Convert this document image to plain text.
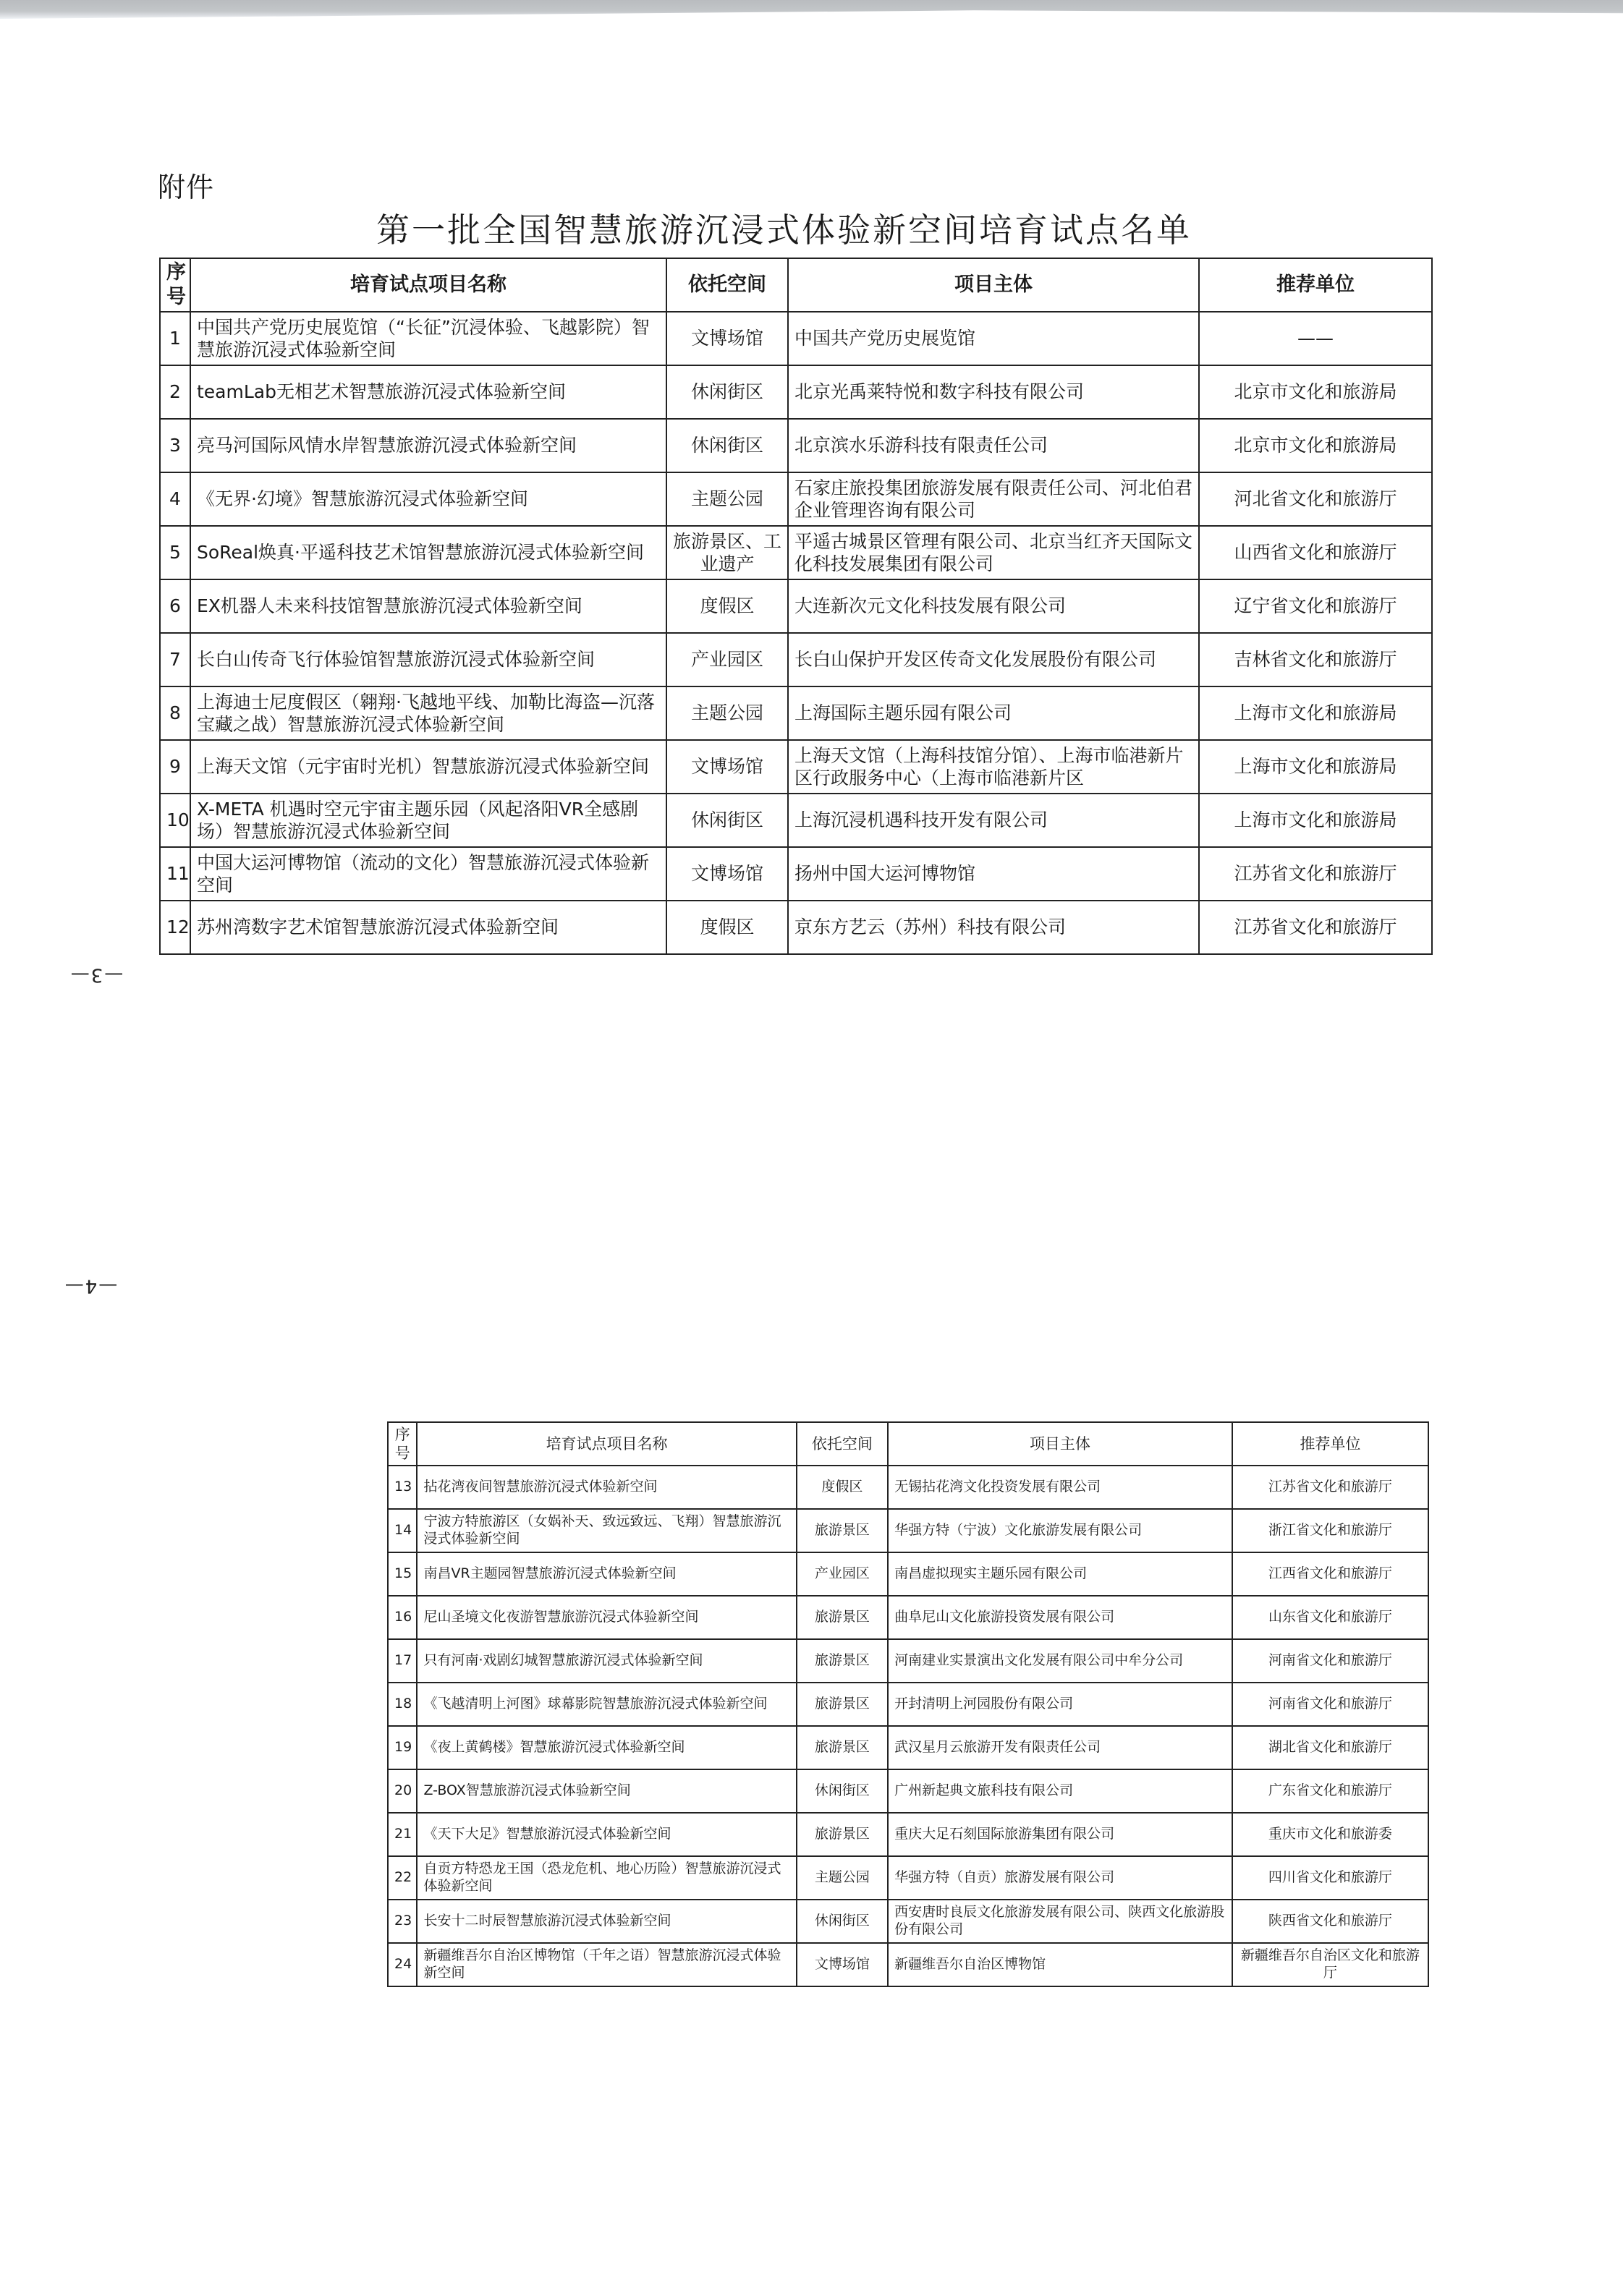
附件
第一批全国智慧旅游沉浸式体验新空间培育试点名单
序号	培育试点项目名称	依托空间	项目主体	推荐单位
1	中国共产党历史展览馆（“长征”沉浸体验、飞越影院）智慧旅游沉浸式体验新空间	文博场馆	中国共产党历史展览馆	——
2	teamLab无相艺术智慧旅游沉浸式体验新空间	休闲街区	北京光禹莱特悦和数字科技有限公司	北京市文化和旅游局
3	亮马河国际风情水岸智慧旅游沉浸式体验新空间	休闲街区	北京滨水乐游科技有限责任公司	北京市文化和旅游局
4	《无界·幻境》智慧旅游沉浸式体验新空间	主题公园	石家庄旅投集团旅游发展有限责任公司、河北伯君企业管理咨询有限公司	河北省文化和旅游厅
5	SoReal焕真·平遥科技艺术馆智慧旅游沉浸式体验新空间	旅游景区、工业遗产	平遥古城景区管理有限公司、北京当红齐天国际文化科技发展集团有限公司	山西省文化和旅游厅
6	EX机器人未来科技馆智慧旅游沉浸式体验新空间	度假区	大连新次元文化科技发展有限公司	辽宁省文化和旅游厅
7	长白山传奇飞行体验馆智慧旅游沉浸式体验新空间	产业园区	长白山保护开发区传奇文化发展股份有限公司	吉林省文化和旅游厅
8	上海迪士尼度假区（翱翔·飞越地平线、加勒比海盗—沉落宝藏之战）智慧旅游沉浸式体验新空间	主题公园	上海国际主题乐园有限公司	上海市文化和旅游局
9	上海天文馆（元宇宙时光机）智慧旅游沉浸式体验新空间	文博场馆	上海天文馆（上海科技馆分馆）、上海市临港新片区行政服务中心（上海市临港新片区	上海市文化和旅游局
10	X-META 机遇时空元宇宙主题乐园（风起洛阳VR全感剧场）智慧旅游沉浸式体验新空间	休闲街区	上海沉浸机遇科技开发有限公司	上海市文化和旅游局
11	中国大运河博物馆（流动的文化）智慧旅游沉浸式体验新空间	文博场馆	扬州中国大运河博物馆	江苏省文化和旅游厅
12	苏州湾数字艺术馆智慧旅游沉浸式体验新空间	度假区	京东方艺云（苏州）科技有限公司	江苏省文化和旅游厅
—3—
—4—
序号	培育试点项目名称	依托空间	项目主体	推荐单位
13	拈花湾夜间智慧旅游沉浸式体验新空间	度假区	无锡拈花湾文化投资发展有限公司	江苏省文化和旅游厅
14	宁波方特旅游区（女娲补天、致远致远、飞翔）智慧旅游沉浸式体验新空间	旅游景区	华强方特（宁波）文化旅游发展有限公司	浙江省文化和旅游厅
15	南昌VR主题园智慧旅游沉浸式体验新空间	产业园区	南昌虚拟现实主题乐园有限公司	江西省文化和旅游厅
16	尼山圣境文化夜游智慧旅游沉浸式体验新空间	旅游景区	曲阜尼山文化旅游投资发展有限公司	山东省文化和旅游厅
17	只有河南·戏剧幻城智慧旅游沉浸式体验新空间	旅游景区	河南建业实景演出文化发展有限公司中牟分公司	河南省文化和旅游厅
18	《飞越清明上河图》球幕影院智慧旅游沉浸式体验新空间	旅游景区	开封清明上河园股份有限公司	河南省文化和旅游厅
19	《夜上黄鹤楼》智慧旅游沉浸式体验新空间	旅游景区	武汉星月云旅游开发有限责任公司	湖北省文化和旅游厅
20	Z-BOX智慧旅游沉浸式体验新空间	休闲街区	广州新起典文旅科技有限公司	广东省文化和旅游厅
21	《天下大足》智慧旅游沉浸式体验新空间	旅游景区	重庆大足石刻国际旅游集团有限公司	重庆市文化和旅游委
22	自贡方特恐龙王国（恐龙危机、地心历险）智慧旅游沉浸式体验新空间	主题公园	华强方特（自贡）旅游发展有限公司	四川省文化和旅游厅
23	长安十二时辰智慧旅游沉浸式体验新空间	休闲街区	西安唐时良辰文化旅游发展有限公司、陕西文化旅游股份有限公司	陕西省文化和旅游厅
24	新疆维吾尔自治区博物馆（千年之语）智慧旅游沉浸式体验新空间	文博场馆	新疆维吾尔自治区博物馆	新疆维吾尔自治区文化和旅游厅
